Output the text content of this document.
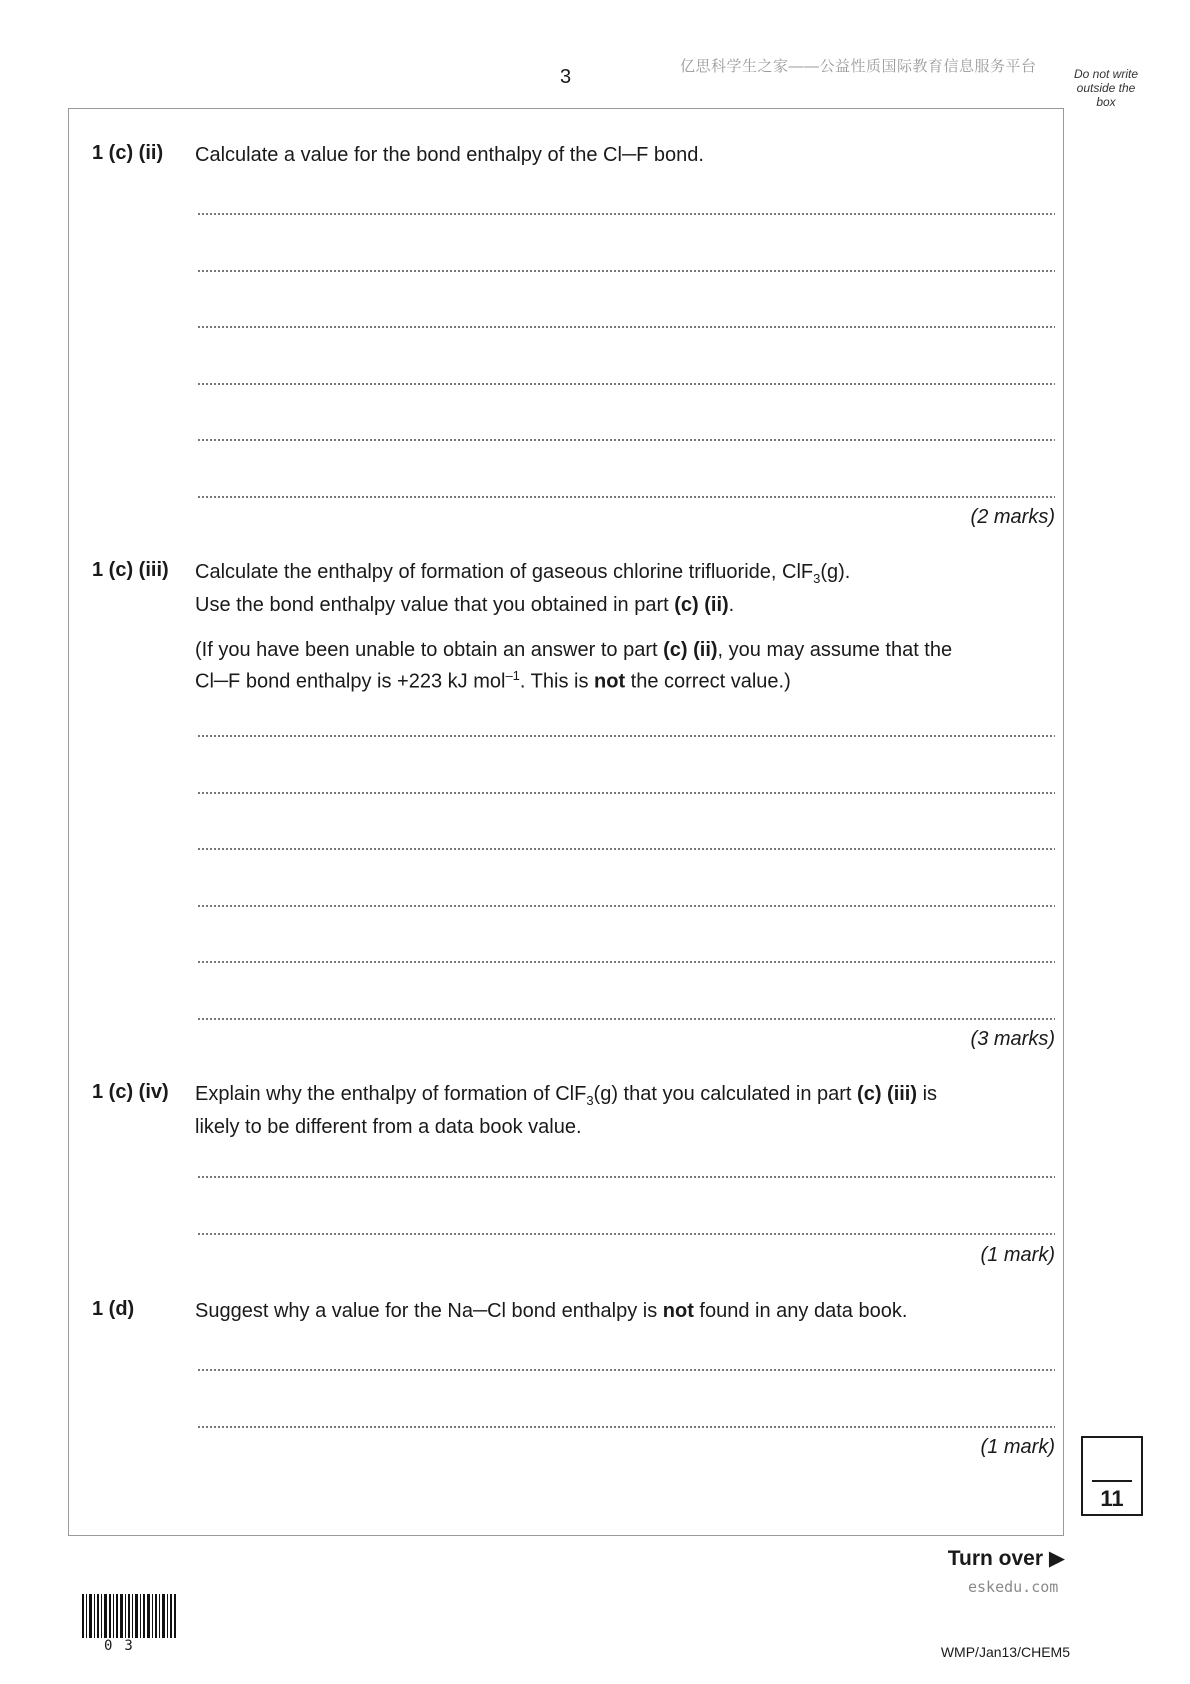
3	亿思科学生之家——公益性质国际教育信息服务平台	Do not write outside the box
1 (c) (ii) Calculate a value for the bond enthalpy of the Cl─F bond.
(2 marks)
1 (c) (iii) Calculate the enthalpy of formation of gaseous chlorine trifluoride, ClF$_3$(g).
Use the bond enthalpy value that you obtained in part (c) (ii).
(If you have been unable to obtain an answer to part (c) (ii), you may assume that the
Cl─F bond enthalpy is +223 kJ mol$^{-1}$. This is not the correct value.)
(3 marks)
1 (c) (iv) Explain why the enthalpy of formation of ClF$_3$(g) that you calculated in part (c) (iii) is
likely to be different from a data book value.
(1 mark)
1 (d)	Suggest why a value for the Na─Cl bond enthalpy is not found in any data book.
(1 mark)
11
Turn over ▶
eskedu.com
03	WMP/Jan13/CHEM5
